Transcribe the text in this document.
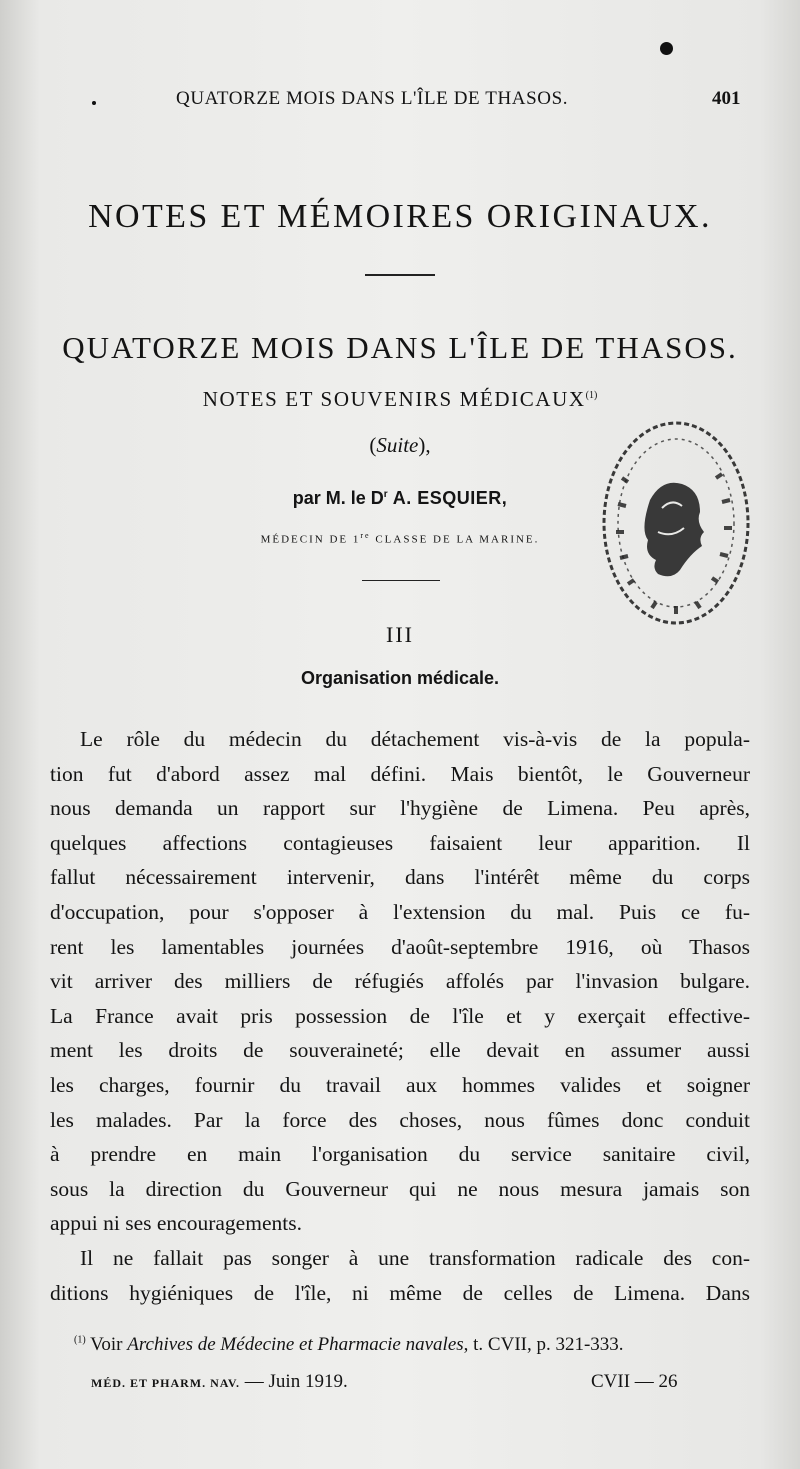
QUATORZE MOIS DANS L'ÎLE DE THASOS.	401
NOTES ET MÉMOIRES ORIGINAUX.
QUATORZE MOIS DANS L'ÎLE DE THASOS.
NOTES ET SOUVENIRS MÉDICAUX$^{(1)}$
(Suite),
par M. le $D^r$ A. ESQUIER,
MÉDECIN DE 1re CLASSE DE LA MARINE.
III
Organisation médicale.
Le rôle du médecin du détachement vis-à-vis de la popula-
tion fut d'abord assez mal défini. Mais bientôt, le Gouverneur
nous demanda un rapport sur l'hygiène de Limena. Peu après,
quelques affections contagieuses faisaient leur apparition. Il
fallut nécessairement intervenir, dans l'intérêt même du corps
d'occupation, pour s'opposer à l'extension du mal. Puis ce fu-
rent les lamentables journées d'août-septembre 1916, où Thasos
vit arriver des milliers de réfugiés affolés par l'invasion bulgare.
La France avait pris possession de l'île et y exerçait effective-
ment les droits de souveraineté; elle devait en assumer aussi
les charges, fournir du travail aux hommes valides et soigner
les malades. Par la force des choses, nous fûmes donc conduit
à prendre en main l'organisation du service sanitaire civil,
sous la direction du Gouverneur qui ne nous mesura jamais son
appui ni ses encouragements.
Il ne fallait pas songer à une transformation radicale des con-
ditions hygiéniques de l'île, ni même de celles de Limena. Dans
$^{(1)}$ Voir Archives de Médecine et Pharmacie navales, t. CVII, p. 321-333.
MÉD. ET PHARM. NAV. — Juin 1919.	CVII — 26
